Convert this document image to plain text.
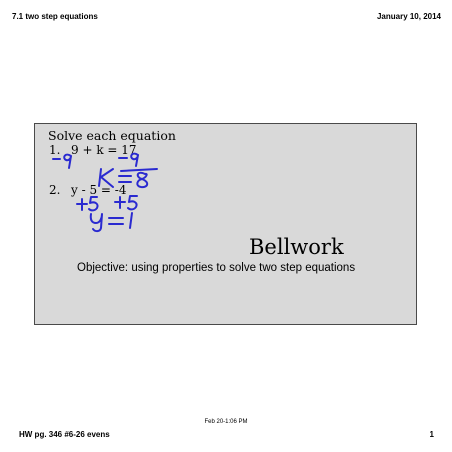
7.1 two step equations	January 10, 2014
Solve each equation
1. 9 + k = 17
2. y - 5 = -4
Bellwork
Objective: using properties to solve two step equations
Feb 20-1:06 PM
HW pg. 346 #6-26 evens	1
